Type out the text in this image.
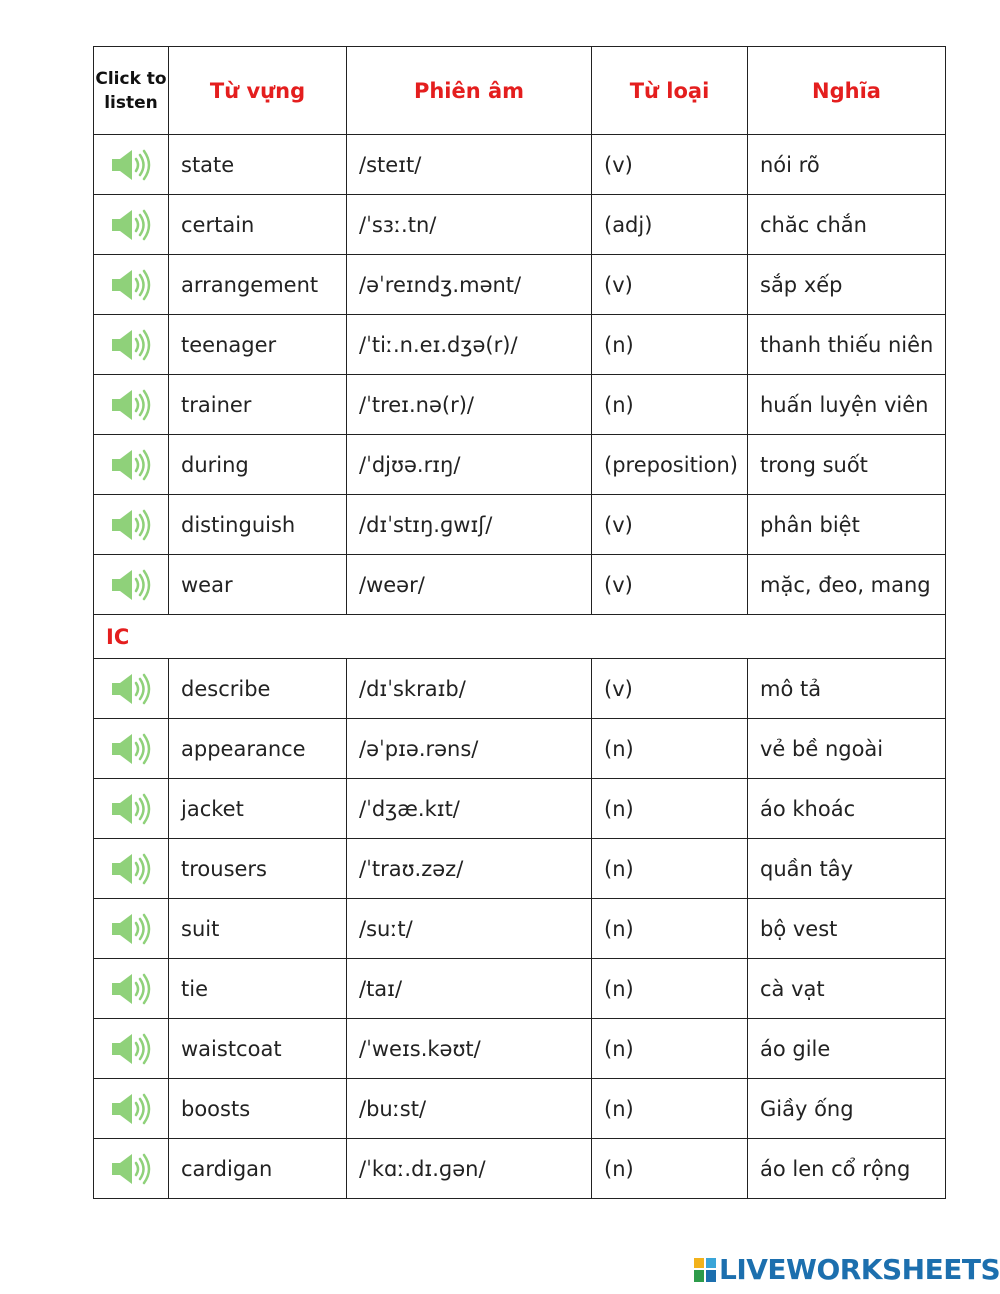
Click to listen	Từ vựng	Phiên âm	Từ loại	Nghĩa

	state	/steɪt/	(v)	nói rõ

	certain	/ˈsɜː.tn/	(adj)	chăc chắn

	arrangement	/əˈreɪndʒ.mənt/	(v)	sắp xếp

	teenager	/ˈtiː.n.eɪ.dʒə(r)/	(n)	thanh thiếu niên

	trainer	/ˈtreɪ.nə(r)/	(n)	huấn luyện viên

	during	/ˈdjʊə.rɪŋ/	(preposition)	trong suốt

	distinguish	/dɪˈstɪŋ.ɡwɪʃ/	(v)	phân biệt

	wear	/weər/	(v)	mặc, đeo, mang
IC				

	describe	/dɪˈskraɪb/	(v)	mô tả

	appearance	/əˈpɪə.rəns/	(n)	vẻ bề ngoài

	jacket	/ˈdʒæ.kɪt/	(n)	áo khoác

	trousers	/ˈtraʊ.zəz/	(n)	quần tây

	suit	/suːt/	(n)	bộ vest

	tie	/taɪ/	(n)	cà vạt

	waistcoat	/ˈweɪs.kəʊt/	(n)	áo gile

	boosts	/buːst/	(n)	Giầy ống

	cardigan	/ˈkɑː.dɪ.ɡən/	(n)	áo len cổ rộng
LIVEWORKSHEETS
